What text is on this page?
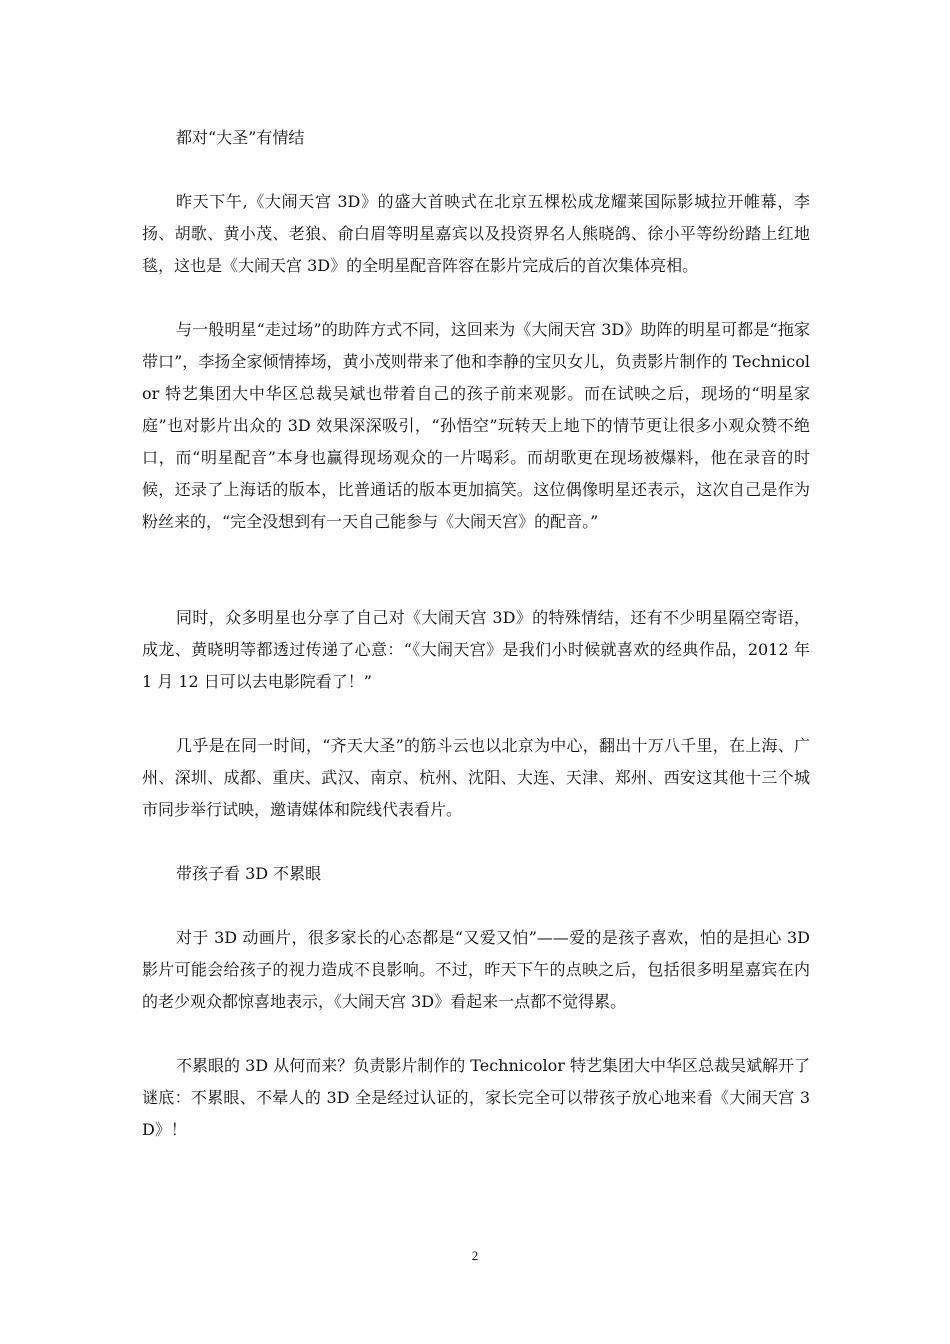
都对“大圣”有情结

昨天下午,《大闹天宫 3D》的盛大首映式在北京五棵松成龙耀莱国际影城拉开帷幕，李扬、胡歌、黄小茂、老狼、俞白眉等明星嘉宾以及投资界名人熊晓鸽、徐小平等纷纷踏上红地毯，这也是《大闹天宫 3D》的全明星配音阵容在影片完成后的首次集体亮相。

与一般明星“走过场”的助阵方式不同，这回来为《大闹天宫 3D》助阵的明星可都是“拖家带口”，李扬全家倾情捧场，黄小茂则带来了他和李静的宝贝女儿，负责影片制作的 Technicolor 特艺集团大中华区总裁吴斌也带着自己的孩子前来观影。而在试映之后，现场的“明星家庭”也对影片出众的 3D 效果深深吸引，“孙悟空”玩转天上地下的情节更让很多小观众赞不绝口，而“明星配音”本身也赢得现场观众的一片喝彩。而胡歌更在现场被爆料，他在录音的时候，还录了上海话的版本，比普通话的版本更加搞笑。这位偶像明星还表示，这次自己是作为粉丝来的，“完全没想到有一天自己能参与《大闹天宫》的配音。”

同时，众多明星也分享了自己对《大闹天宫 3D》的特殊情结，还有不少明星隔空寄语，成龙、黄晓明等都透过传递了心意：“《大闹天宫》是我们小时候就喜欢的经典作品，2012 年 1 月 12 日可以去电影院看了！”

几乎是在同一时间，“齐天大圣”的筋斗云也以北京为中心，翻出十万八千里，在上海、广州、深圳、成都、重庆、武汉、南京、杭州、沈阳、大连、天津、郑州、西安这其他十三个城市同步举行试映，邀请媒体和院线代表看片。

带孩子看 3D 不累眼

对于 3D 动画片，很多家长的心态都是“又爱又怕”——爱的是孩子喜欢，怕的是担心 3D 影片可能会给孩子的视力造成不良影响。不过，昨天下午的点映之后，包括很多明星嘉宾在内的老少观众都惊喜地表示，《大闹天宫 3D》看起来一点都不觉得累。

不累眼的 3D 从何而来？负责影片制作的 Technicolor 特艺集团大中华区总裁吴斌解开了谜底：不累眼、不晕人的 3D 全是经过认证的，家长完全可以带孩子放心地来看《大闹天宫 3D》！

2
